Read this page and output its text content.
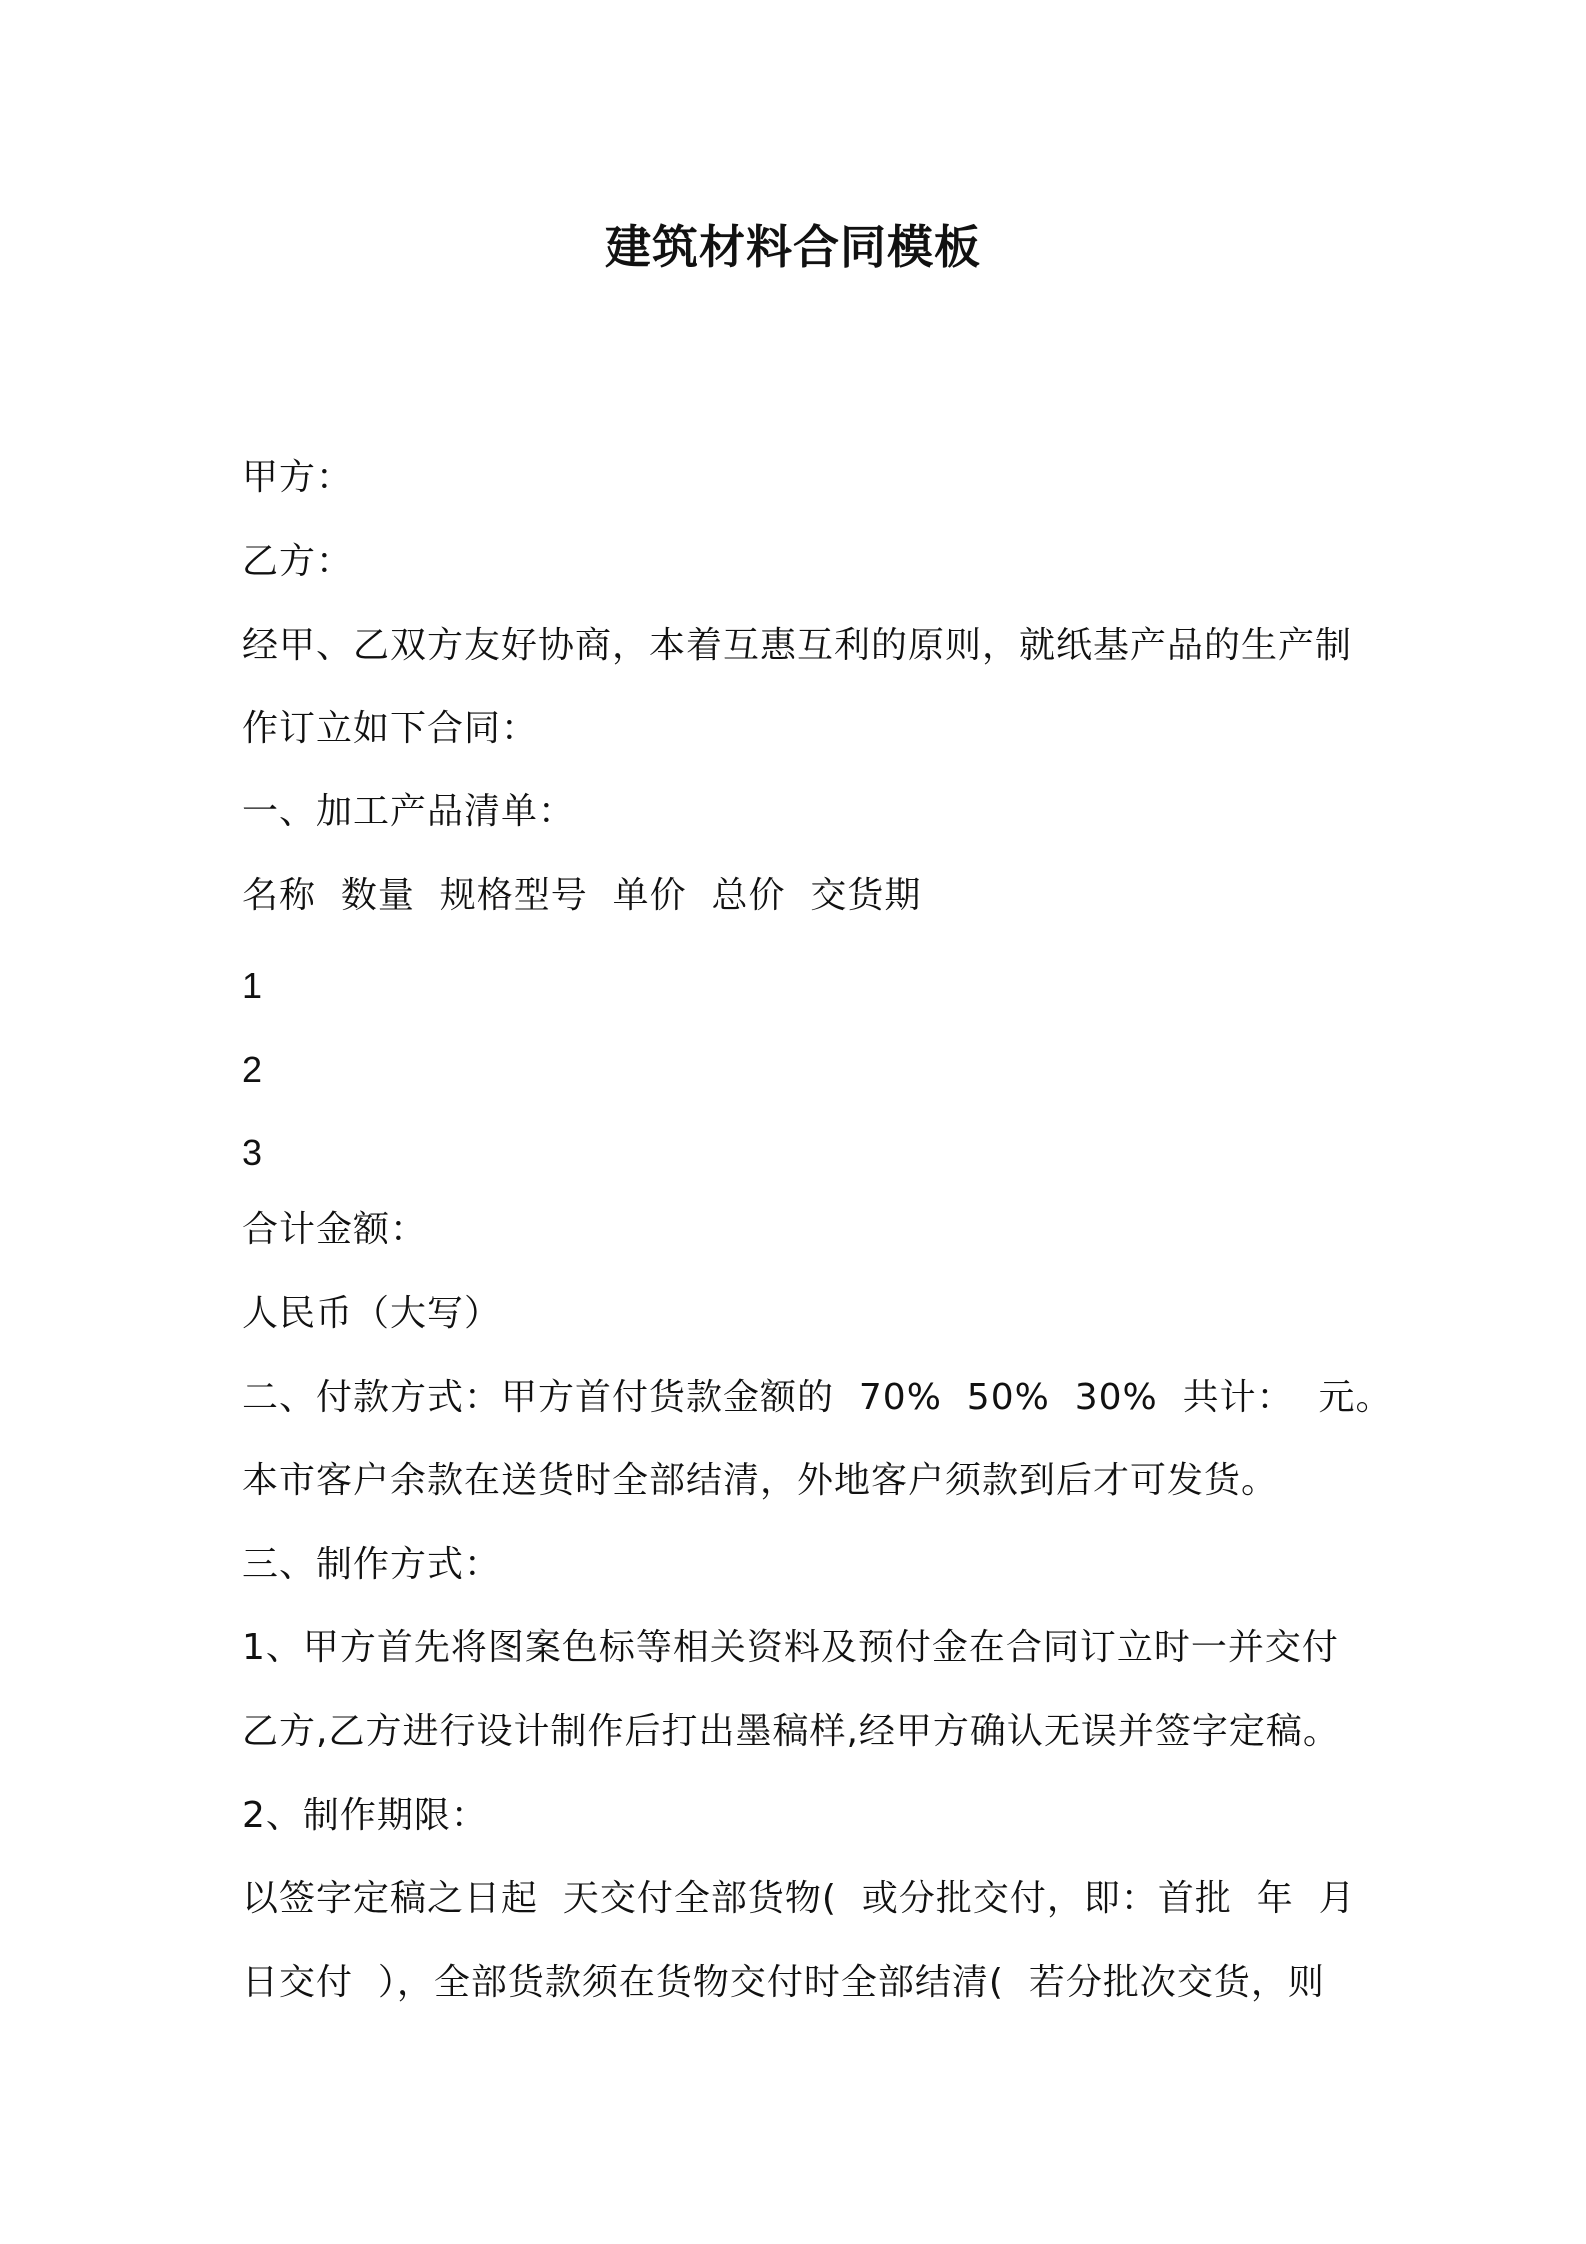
建筑材料合同模板
甲方：
乙方：
经甲、乙双方友好协商，本着互惠互利的原则，就纸基产品的生产制
作订立如下合同：
一、加工产品清单：
名称  数量  规格型号  单价  总价  交货期
1
2
3
合计金额：
人民币（大写）
二、付款方式：甲方首付货款金额的  70%  50%  30%  共计：  元。
本市客户余款在送货时全部结清，外地客户须款到后才可发货。
三、制作方式：
1、甲方首先将图案色标等相关资料及预付金在合同订立时一并交付
乙方,乙方进行设计制作后打出墨稿样,经甲方确认无误并签字定稿。
2、制作期限：
以签字定稿之日起  天交付全部货物(  或分批交付，即：首批  年  月
日交付  ），全部货款须在货物交付时全部结清(  若分批次交货，则
